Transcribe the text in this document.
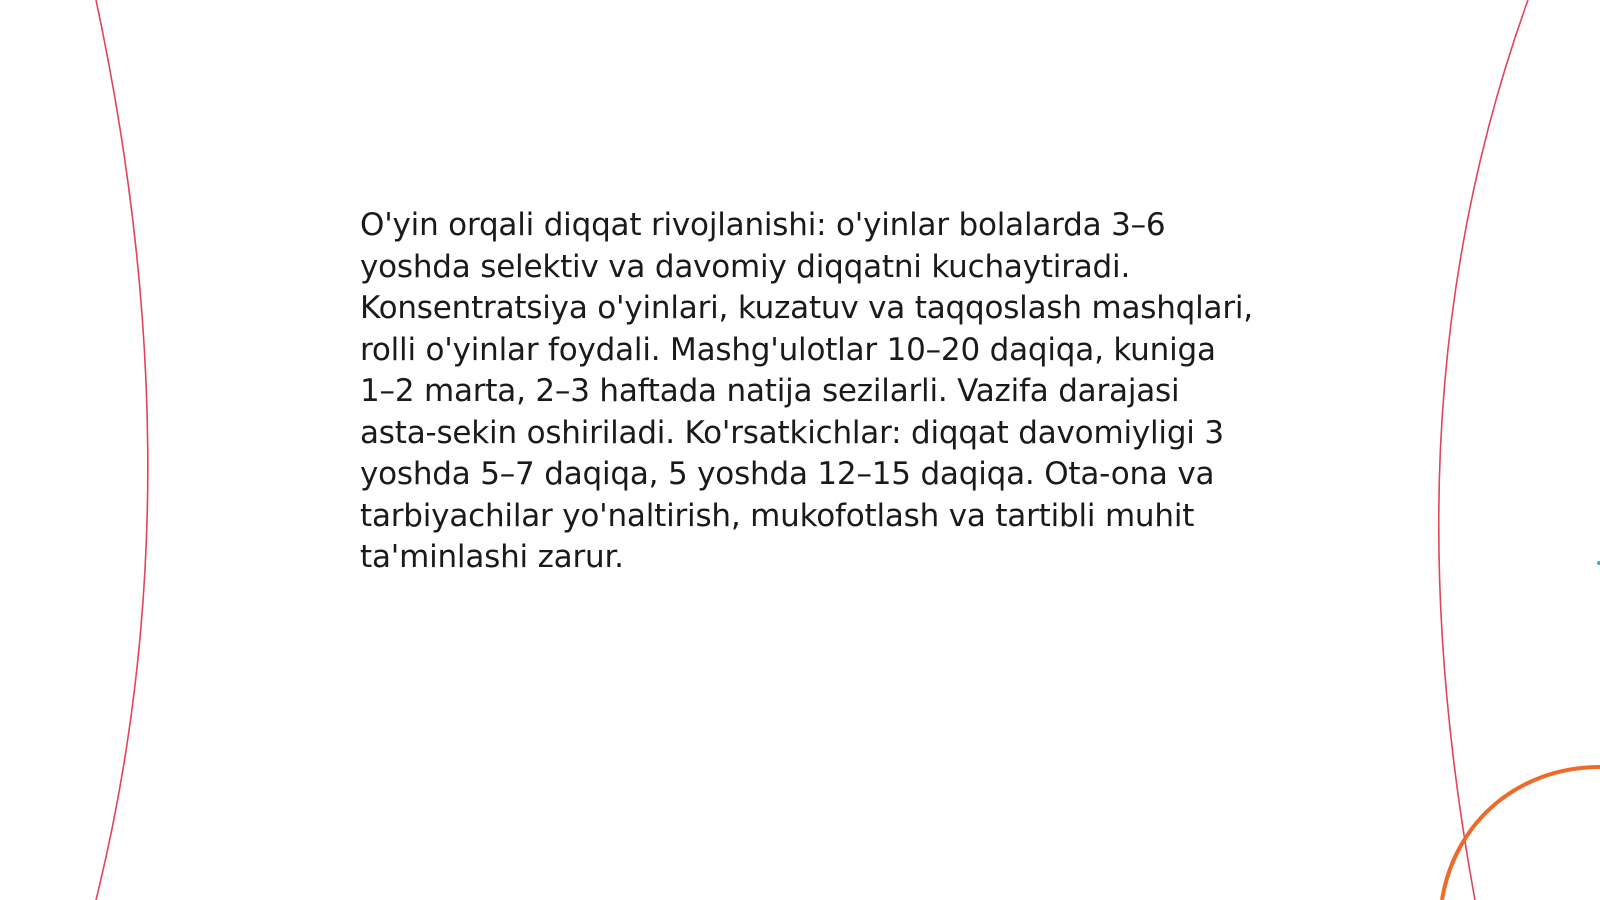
O'yin orqali diqqat rivojlanishi: o'yinlar bolalarda 3–6 yoshda selektiv va davomiy diqqatni kuchaytiradi. Konsentratsiya o'yinlari, kuzatuv va taqqoslash mashqlari, rolli o'yinlar foydali. Mashg'ulotlar 10–20 daqiqa, kuniga 1–2 marta, 2–3 haftada natija sezilarli. Vazifa darajasi asta-sekin oshiriladi. Ko'rsatkichlar: diqqat davomiyligi 3 yoshda 5–7 daqiqa, 5 yoshda 12–15 daqiqa. Ota-ona va tarbiyachilar yo'naltirish, mukofotlash va tartibli muhit ta'minlashi zarur.
